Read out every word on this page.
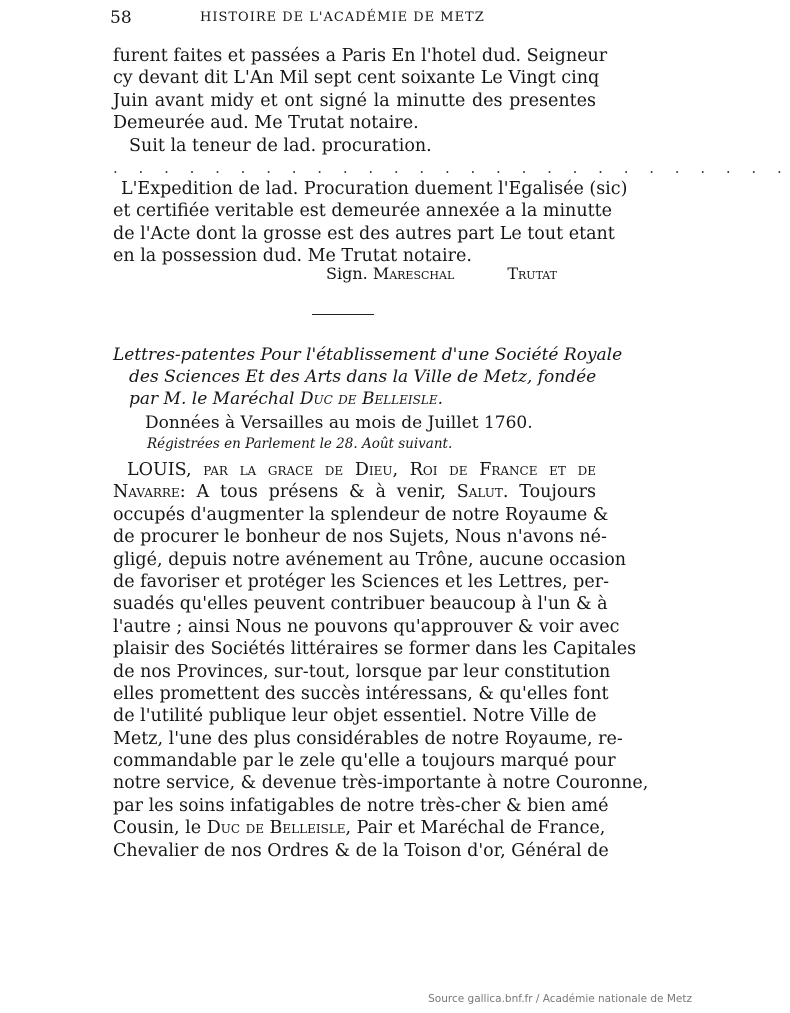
58	HISTOIRE DE L'ACADÉMIE DE METZ
furent faites et passées a Paris En l'hotel dud. Seigneur
cy devant dit L'An Mil sept cent soixante Le Vingt cinq
Juin avant midy et ont signé la minutte des presentes
Demeurée aud. Me Trutat notaire.
Suit la teneur de lad. procuration.
. . . . . . . . . . . . . . . . . . . . . . . . . . .
L'Expedition de lad. Procuration duement l'Egalisée (sic)
et certifiée veritable est demeurée annexée a la minutte
de l'Acte dont la grosse est des autres part Le tout etant
en la possession dud. Me Trutat notaire.
Sign. Mareschal	Trutat
Lettres-patentes Pour l'établissement d'une Société Royale
des Sciences Et des Arts dans la Ville de Metz, fondée
par M. le Maréchal Duc de Belleisle.
Données à Versailles au mois de Juillet 1760.
Régistrées en Parlement le 28. Août suivant.
LOUIS, par la grace de Dieu, Roi de France et de
Navarre: A tous présens & à venir, Salut. Toujours
occupés d'augmenter la splendeur de notre Royaume &
de procurer le bonheur de nos Sujets, Nous n'avons né-
gligé, depuis notre avénement au Trône, aucune occasion
de favoriser et protéger les Sciences et les Lettres, per-
suadés qu'elles peuvent contribuer beaucoup à l'un & à
l'autre ; ainsi Nous ne pouvons qu'approuver & voir avec
plaisir des Sociétés littéraires se former dans les Capitales
de nos Provinces, sur-tout, lorsque par leur constitution
elles promettent des succès intéressans, & qu'elles font
de l'utilité publique leur objet essentiel. Notre Ville de
Metz, l'une des plus considérables de notre Royaume, re-
commandable par le zele qu'elle a toujours marqué pour
notre service, & devenue très-importante à notre Couronne,
par les soins infatigables de notre très-cher & bien amé
Cousin, le Duc de Belleisle, Pair et Maréchal de France,
Chevalier de nos Ordres & de la Toison d'or, Général de
Source gallica.bnf.fr / Académie nationale de Metz
